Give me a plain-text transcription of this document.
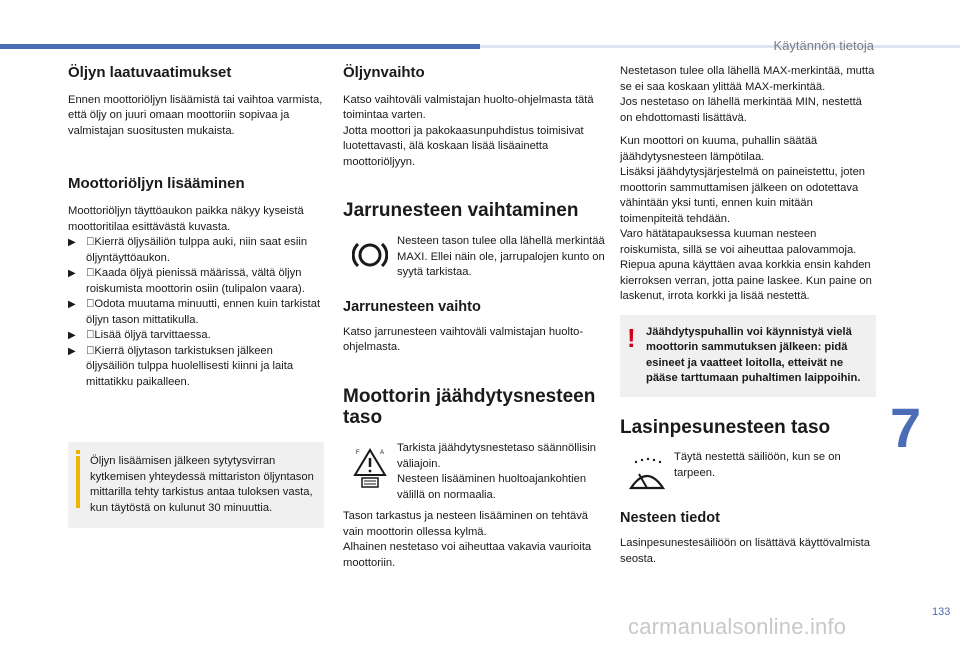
Käytännön tietoja
7
133
carmanualsonline.info
Öljyn laatuvaatimukset

Ennen moottoriöljyn lisäämistä tai vaihtoa varmista, että öljy on juuri omaan moottoriin sopivaa ja valmistajan suositusten mukaista.

Moottoriöljyn lisääminen

Moottoriöljyn täyttöaukon paikka näkyy kyseistä moottoritilaa esittävästä kuvasta.

▶ Kierrä öljysäiliön tulppa auki, niin saat esiin öljyntäyttöaukon.
▶ Kaada öljyä pienissä määrissä, vältä öljyn roiskumista moottorin osiin (tulipalon vaara).
▶ Odota muutama minuutti, ennen kuin tarkistat öljyn tason mittatikulla.
▶ Lisää öljyä tarvittaessa.
▶ Kierrä öljytason tarkistuksen jälkeen öljysäiliön tulppa huolellisesti kiinni ja laita mittatikku paikalleen.

Öljyn lisäämisen jälkeen sytytysvirran kytkemisen yhteydessä mittariston öljyntason mittarilla tehty tarkistus antaa tuloksen vasta, kun täytöstä on kulunut 30 minuuttia.

Öljynvaihto

Katso vaihtoväli valmistajan huolto-ohjelmasta tätä toimintaa varten.
Jotta moottori ja pakokaasunpuhdistus toimisivat luotettavasti, älä koskaan lisää lisäainetta moottoriöljyyn.

Jarrunesteen vaihtaminen

Nesteen tason tulee olla lähellä merkintää MAXI. Ellei näin ole, jarrupalojen kunto on syytä tarkistaa.

Jarrunesteen vaihto

Katso jarrunesteen vaihtoväli valmistajan huolto-ohjelmasta.

Moottorin jäähdytysnesteen taso
F	A Tarkista jäähdytysnestetaso säännöllisin väliajoin.
Nesteen lisääminen huoltoajankohtien välillä on normaalia.

Tason tarkastus ja nesteen lisääminen on tehtävä vain moottorin ollessa kylmä.
Alhainen nestetaso voi aiheuttaa vakavia vaurioita moottoriin.

Nestetason tulee olla lähellä MAX-merkintää, mutta se ei saa koskaan ylittää MAX-merkintää.
Jos nestetaso on lähellä merkintää MIN, nestettä on ehdottomasti lisättävä.

Kun moottori on kuuma, puhallin säätää jäähdytysnesteen lämpötilaa.
Lisäksi jäähdytysjärjestelmä on paineistettu, joten moottorin sammuttamisen jälkeen on odotettava vähintään yksi tunti, ennen kuin mitään toimenpiteitä tehdään.
Varo hätätapauksessa kuuman nesteen roiskumista, sillä se voi aiheuttaa palovammoja. Riepua apuna käyttäen avaa korkkia ensin kahden kierroksen verran, jotta paine laskee. Kun paine on laskenut, irrota korkki ja lisää nestettä.

! Jäähdytyspuhallin voi käynnistyä vielä moottorin sammutuksen jälkeen: pidä esineet ja vaatteet loitolla, etteivät ne pääse tarttumaan puhaltimen laippoihin.

Lasinpesunesteen taso

Täytä nestettä säiliöön, kun se on tarpeen.

Nesteen tiedot

Lasinpesunestesäiliöön on lisättävä käyttövalmista seosta.
